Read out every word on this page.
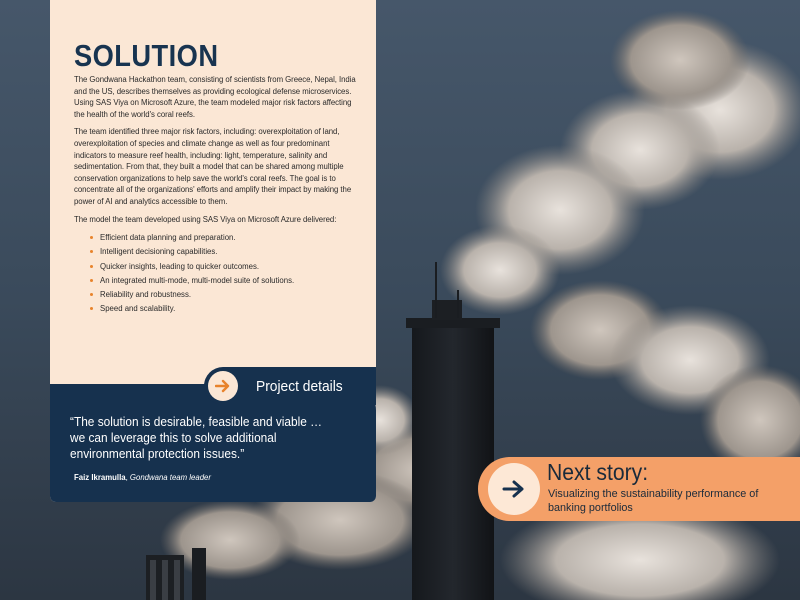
SOLUTION

The Gondwana Hackathon team, consisting of scientists from Greece, Nepal, India and the US, describes themselves as providing ecological defense microservices. Using SAS Viya on Microsoft Azure, the team modeled major risk factors affecting the health of the world's coral reefs.

The team identified three major risk factors, including: overexploitation of land, overexploitation of species and climate change as well as four predominant indicators to measure reef health, including: light, temperature, salinity and sedimentation. From that, they built a model that can be shared among multiple conservation organizations to help save the world's coral reefs. The goal is to concentrate all of the organizations' efforts and amplify their impact by making the power of AI and analytics accessible to them.

The model the team developed using SAS Viya on Microsoft Azure delivered:

Efficient data planning and preparation.
Intelligent decisioning capabilities.
Quicker insights, leading to quicker outcomes.
An integrated multi-mode, multi-model suite of solutions.
Reliability and robustness.
Speed and scalability.

“The solution is desirable, feasible and viable … we can leverage this to solve additional environmental protection issues.”

Faiz Ikramulla, Gondwana team leader

Project details
Next story:
Visualizing the sustainability performance of banking portfolios
